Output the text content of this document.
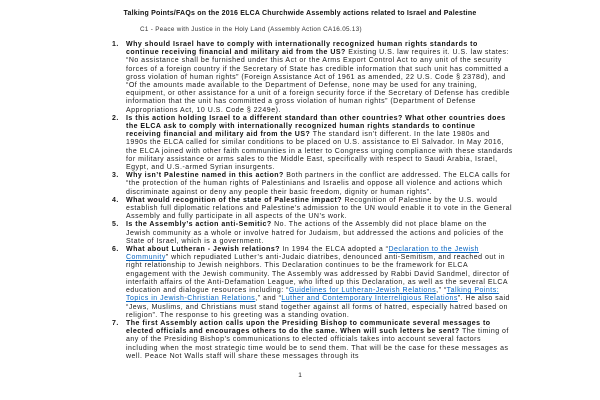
Talking Points/FAQs on the 2016 ELCA Churchwide Assembly actions related to Israel and Palestine
C1 - Peace with Justice in the Holy Land (Assembly Action CA16.05.13)
1. Why should Israel have to comply with internationally recognized human rights standards to continue receiving financial and military aid from the US? Existing U.S. law requires it. U.S. law states: “No assistance shall be furnished under this Act or the Arms Export Control Act to any unit of the security forces of a foreign country if the Secretary of State has credible information that such unit has committed a gross violation of human rights” (Foreign Assistance Act of 1961 as amended, 22 U.S. Code § 2378d), and “Of the amounts made available to the Department of Defense, none may be used for any training, equipment, or other assistance for a unit of a foreign security force if the Secretary of Defense has credible information that the unit has committed a gross violation of human rights” (Department of Defense Appropriations Act, 10 U.S. Code § 2249e).
2. Is this action holding Israel to a different standard than other countries? What other countries does the ELCA ask to comply with internationally recognized human rights standards to continue receiving financial and military aid from the US? The standard isn’t different. In the late 1980s and 1990s the ELCA called for similar conditions to be placed on U.S. assistance to El Salvador. In May 2016, the ELCA joined with other faith communities in a letter to Congress urging compliance with these standards for military assistance or arms sales to the Middle East, specifically with respect to Saudi Arabia, Israel, Egypt, and U.S.-armed Syrian insurgents.
3. Why isn’t Palestine named in this action? Both partners in the conflict are addressed. The ELCA calls for “the protection of the human rights of Palestinians and Israelis and oppose all violence and actions which discriminate against or deny any people their basic freedom, dignity or human rights”.
4. What would recognition of the state of Palestine impact? Recognition of Palestine by the U.S. would establish full diplomatic relations and Palestine’s admission to the UN would enable it to vote in the General Assembly and fully participate in all aspects of the UN’s work.
5. Is the Assembly’s action anti-Semitic? No. The actions of the Assembly did not place blame on the Jewish community as a whole or involve hatred for Judaism, but addressed the actions and policies of the State of Israel, which is a government.
6. What about Lutheran - Jewish relations? In 1994 the ELCA adopted a “Declaration to the Jewish Community” which repudiated Luther’s anti-Judaic diatribes, denounced anti-Semitism, and reached out in right relationship to Jewish neighbors. This Declaration continues to be the framework for ELCA engagement with the Jewish community. The Assembly was addressed by Rabbi David Sandmel, director of interfaith affairs of the Anti-Defamation League, who lifted up this Declaration, as well as the several ELCA education and dialogue resources including: “Guidelines for Lutheran-Jewish Relations,” “Talking Points: Topics in Jewish-Christian Relations,” and “Luther and Contemporary Interreligious Relations”. He also said “Jews, Muslims, and Christians must stand together against all forms of hatred, especially hatred based on religion”. The response to his greeting was a standing ovation.
7. The first Assembly action calls upon the Presiding Bishop to communicate several messages to elected officials and encourages others to do the same. When will such letters be sent? The timing of any of the Presiding Bishop’s communications to elected officials takes into account several factors including when the most strategic time would be to send them. That will be the case for these messages as well. Peace Not Walls staff will share these messages through its
1
